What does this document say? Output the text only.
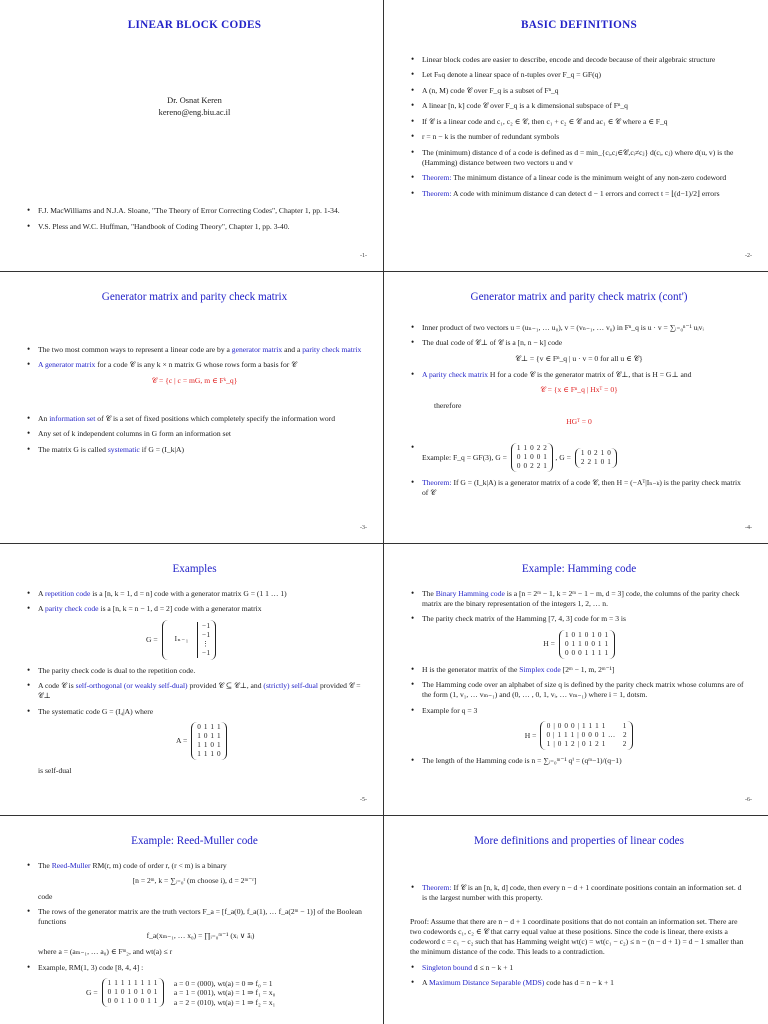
LINEAR BLOCK CODES
Dr. Osnat Keren
kereno@eng.biu.ac.il
• F.J. MacWilliams and N.J.A. Sloane, "The Theory of Error Correcting Codes", Chapter 1, pp. 1-34.
• V.S. Pless and W.C. Huffman, "Handbook of Coding Theory", Chapter 1, pp. 3-40.
-1-
BASIC DEFINITIONS
• Linear block codes are easier to describe, encode and decode because of their algebraic structure
• Let Fₙq denote a linear space of n-tuples over F_q = GF(q)
• A (n, M) code 𝒞 over F_q is a subset of Fⁿ_q
• A linear [n, k] code 𝒞 over F_q is a k dimensional subspace of Fⁿ_q
• If 𝒞 is a linear code and c₁, c₂ ∈ 𝒞, then c₁ + c₂ ∈ 𝒞 and ac₁ ∈ 𝒞 where a ∈ F_q
• r = n − k is the number of redundant symbols
• The (minimum) distance d of a code is defined as d = min_{cᵢ,cⱼ∈𝒞,cᵢ≠cⱼ} d(cᵢ, cⱼ) where d(u, v) is the (Hamming) distance between two vectors u and v
• Theorem: The minimum distance of a linear code is the minimum weight of any non-zero codeword
• Theorem: A code with minimum distance d can detect d − 1 errors and correct t = ⌊(d−1)/2⌋ errors
-2-
Generator matrix and parity check matrix
• The two most common ways to represent a linear code are by a generator matrix and a parity check matrix
• A generator matrix for a code 𝒞 is any k × n matrix G whose rows form a basis for 𝒞
𝒞 = {c | c = mG, m ∈ Fᵏ_q}
• An information set of 𝒞 is a set of fixed positions which completely specify the information word
• Any set of k independent columns in G form an information set
• The matrix G is called systematic if G = (I_k|A)
-3-
Generator matrix and parity check matrix (cont')
• Inner product of two vectors u = (uₙ₋₁, … u₀), v = (vₙ₋₁, … v₀) in Fⁿ_q is u · v = ∑ᵢ₌₀ⁿ⁻¹ uᵢvᵢ
• The dual code of 𝒞⊥ of 𝒞 is a [n, n − k] code
𝒞⊥ = {v ∈ Fⁿ_q | u · v = 0 for all u ∈ 𝒞}
• A parity check matrix H for a code 𝒞 is the generator matrix of 𝒞⊥, that is H = G⊥ and
𝒞 = {x ∈ Fⁿ_q | Hxᵀ = 0}
therefore
HGᵀ = 0
• Example: F_q = GF(3), G =
1 1 0 2 2
0 1 0 0 1
0 0 2 2 1
, G = 1 0 2 1 0
2 2 1 0 1
• Theorem: If G = (I_k|A) is a generator matrix of a code 𝒞, then H = (−Aᵀ|Iₙ₋ₖ) is the parity check matrix of 𝒞
-4-
Examples
• A repetition code is a [n, k = 1, d = n] code with a generator matrix G = (1 1 … 1)
• A parity check code is a [n, k = n − 1, d = 2] code with a generator matrix
G = Iₙ₋₁
−1
−1
⋮
−1
• The parity check code is dual to the repetition code.
• A code 𝒞 is self-orthogonal (or weakly self-dual) provided 𝒞 ⊆ 𝒞⊥, and (strictly) self-dual provided 𝒞 = 𝒞⊥
• The systematic code G = (I₄|A) where
A =
0 1 1 1
1 0 1 1
1 1 0 1
1 1 1 0
is self-dual
-5-
Example: Hamming code
• The Binary Hamming code is a [n = 2ᵐ − 1, k = 2ᵐ − 1 − m, d = 3] code, the columns of the parity check matrix are the binary representation of the integers 1, 2, … n.
• The parity check matrix of the Hamming [7, 4, 3] code for m = 3 is
H =
1 0 1 0 1 0 1
0 1 1 0 0 1 1
0 0 0 1 1 1 1
• H is the generator matrix of the Simplex code [2ᵐ − 1, m, 2ᵐ⁻¹]
• The Hamming code over an alphabet of size q is defined by the parity check matrix whose columns are of the form (1, v₁, … vₘ₋₁) and (0, … , 0, 1, vᵢ, … vₘ₋₁) where i = 1, dotsm.
• Example for q = 3
H =
0 | 0 0 0 | 1 1 1 1       1
0 | 1 1 1 | 0 0 0 1 …   2
1 | 0 1 2 | 0 1 2 1       2
• The length of the Hamming code is n = ∑ᵢ₌₀ᵐ⁻¹ qⁱ = (qᵐ−1)/(q−1)
-6-
Example: Reed-Muller code
• The Reed-Muller RM(r, m) code of order r, (r < m) is a binary
[n = 2ᵐ, k = ∑ᵢ₌₀ʳ (m choose i), d = 2ᵐ⁻ʳ]
code
• The rows of the generator matrix are the truth vectors F_a = [f_a(0), f_a(1), … f_a(2ᵐ − 1)] of the Boolean functions
f_a(xₘ₋₁, … x₀) = ∏ᵢ₌₀ᵐ⁻¹ (xᵢ ∨ āᵢ)
where a = (aₘ₋₁, … a₀) ∈ Fᵐ₂, and wt(a) ≤ r
• Example, RM(1, 3) code [8, 4, 4] :
G =
1 1 1 1 1 1 1 1
0 1 0 1 0 1 0 1
0 0 1 1 0 0 1 1

a = 0 = (000), wt(a) = 0 ⇒ f₀ = 1
a = 1 = (001), wt(a) = 1 ⇒ f₁ = x₀
a = 2 = (010), wt(a) = 1 ⇒ f₂ = x₁
More definitions and properties of linear codes
• Theorem: If 𝒞 is an [n, k, d] code, then every n − d + 1 coordinate positions contain an information set. d is the largest number with this property.
Proof: Assume that there are n − d + 1 coordinate positions that do not contain an information set. There are two codewords c₁, c₂ ∈ 𝒞 that carry equal value at these positions. Since the code is linear, there exists a codeword c = c₁ − c₂ such that has Hamming weight wt(c) = wt(c₁ − c₂) ≤ n − (n − d + 1) = d − 1 smaller than the minimum distance of the code. This leads to a contradiction.
• Singleton bound d ≤ n − k + 1
• A Maximum Distance Separable (MDS) code has d = n − k + 1
